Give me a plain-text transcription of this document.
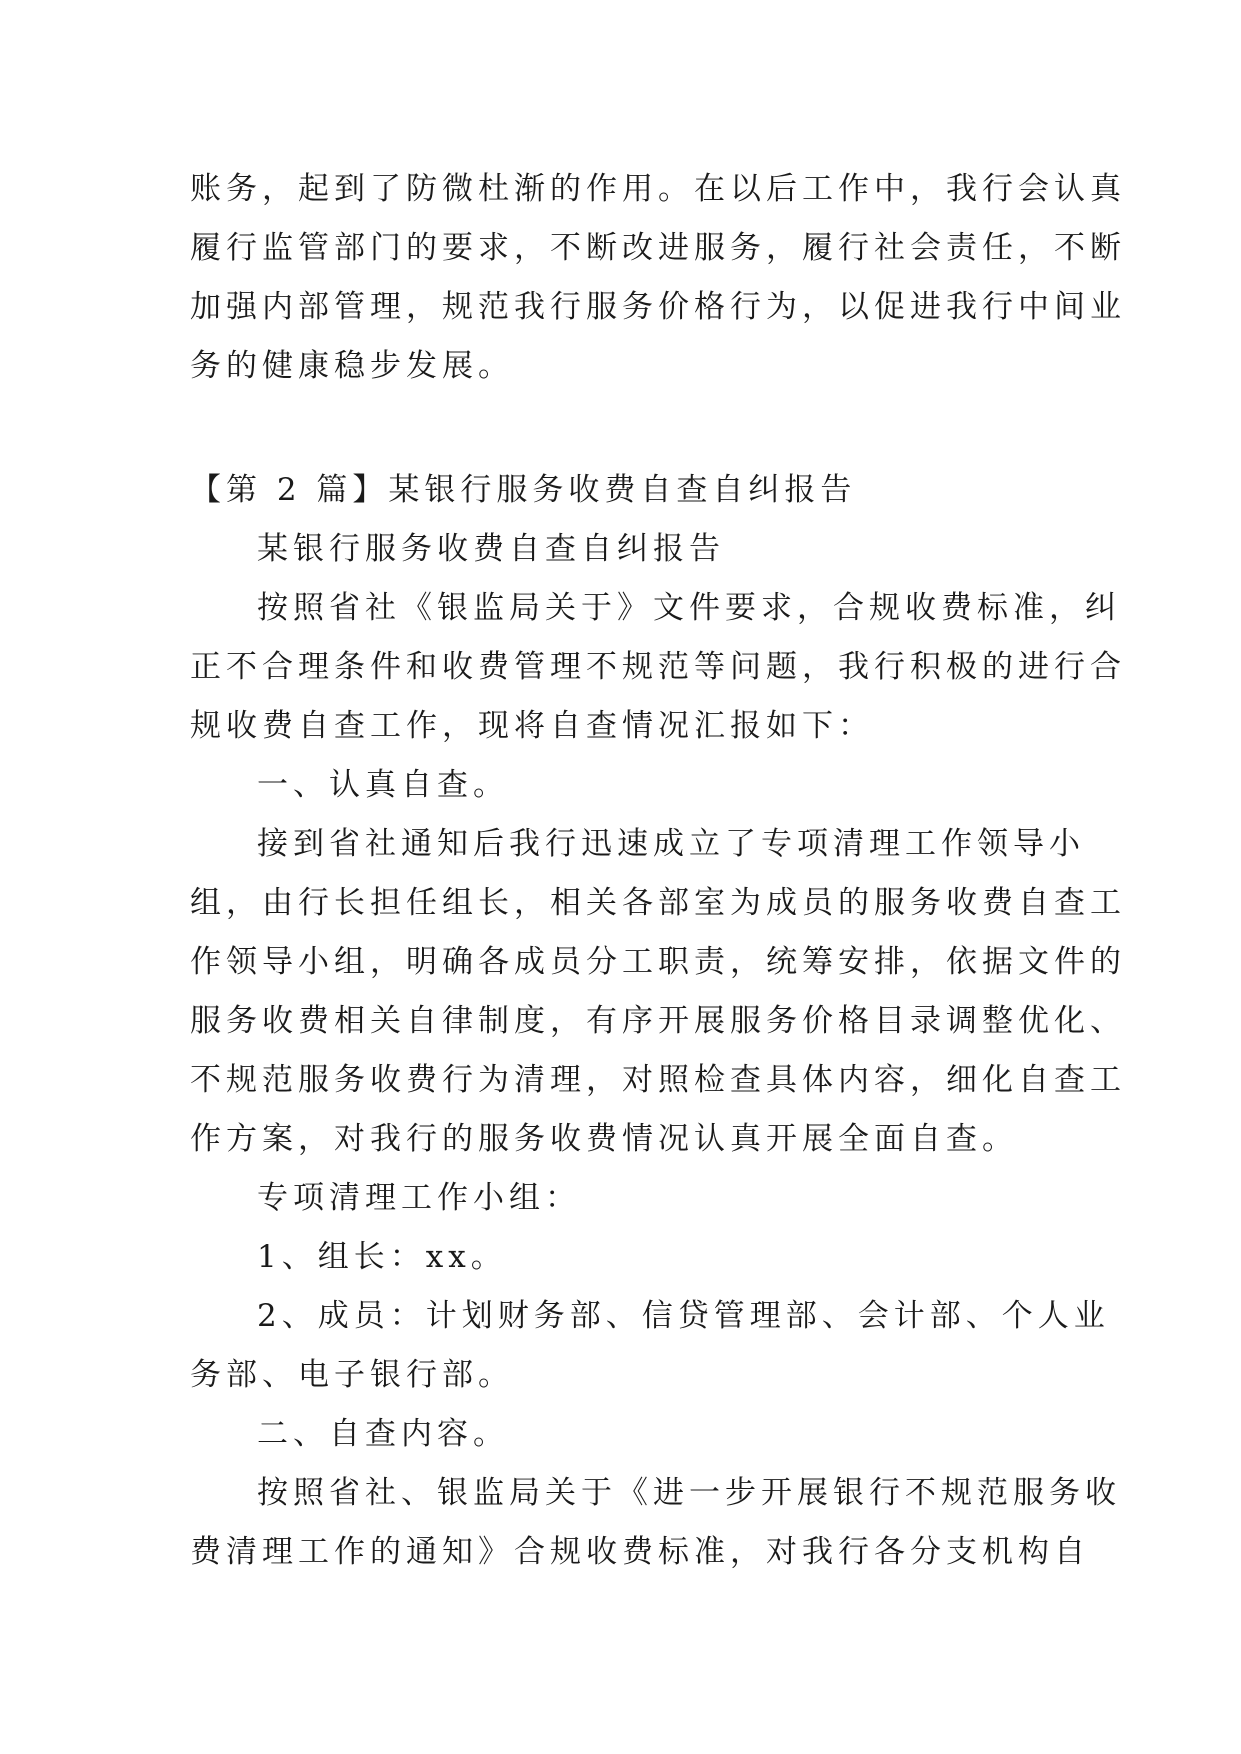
账务，起到了防微杜渐的作用。在以后工作中，我行会认真
履行监管部门的要求，不断改进服务，履行社会责任，不断
加强内部管理，规范我行服务价格行为，以促进我行中间业
务的健康稳步发展。
【第 2 篇】某银行服务收费自查自纠报告
某银行服务收费自查自纠报告
按照省社《银监局关于》文件要求，合规收费标准，纠
正不合理条件和收费管理不规范等问题，我行积极的进行合
规收费自查工作，现将自查情况汇报如下：
一、认真自查。
接到省社通知后我行迅速成立了专项清理工作领导小
组，由行长担任组长，相关各部室为成员的服务收费自查工
作领导小组，明确各成员分工职责，统筹安排，依据文件的
服务收费相关自律制度，有序开展服务价格目录调整优化、
不规范服务收费行为清理，对照检查具体内容，细化自查工
作方案，对我行的服务收费情况认真开展全面自查。
专项清理工作小组：
1、组长：xx。
2、成员：计划财务部、信贷管理部、会计部、个人业
务部、电子银行部。
二、自查内容。
按照省社、银监局关于《进一步开展银行不规范服务收
费清理工作的通知》合规收费标准，对我行各分支机构自
